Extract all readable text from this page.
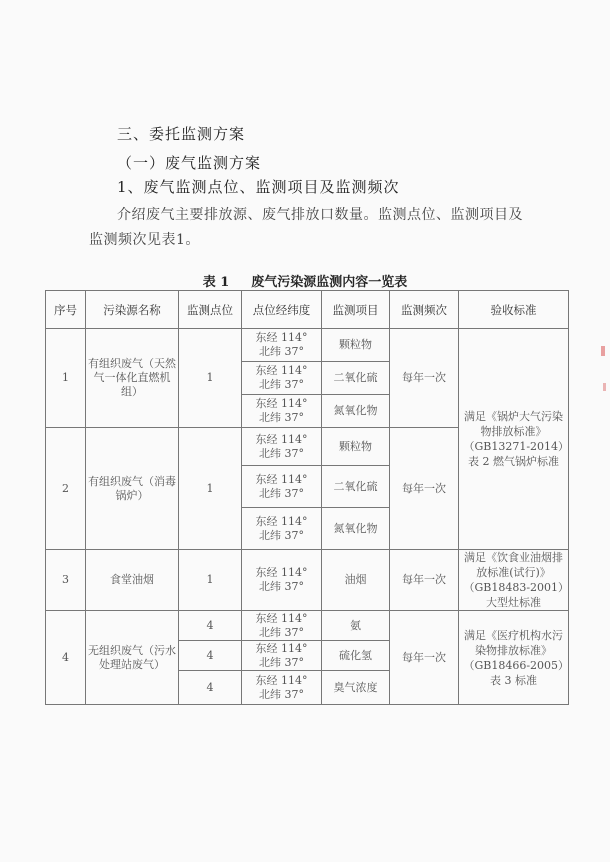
三、委托监测方案
（一）废气监测方案
1、废气监测点位、监测项目及监测频次
介绍废气主要排放源、废气排放口数量。监测点位、监测项目及监测频次见表1。
表 1 废气污染源监测内容一览表
序号	污染源名称	监测点位	点位经纬度	监测项目	监测频次	验收标准
1	有组织废气（天然气一体化直燃机组）	1	东经 114°
北纬 37°	颗粒物	每年一次	满足《锅炉大气污染物排放标准》（GB13271-2014）表 2 燃气锅炉标准
			东经 114°
北纬 37°	二氧化硫		
			东经 114°
北纬 37°	氮氧化物		
2	有组织废气（消毒锅炉）	1	东经 114°
北纬 37°	颗粒物	每年一次	
			东经 114°
北纬 37°	二氧化硫		
			东经 114°
北纬 37°	氮氧化物		
3	食堂油烟	1	东经 114°
北纬 37°	油烟	每年一次	满足《饮食业油烟排放标准(试行)》（GB18483-2001）大型灶标准
4	无组织废气（污水处理站废气）	4	东经 114°
北纬 37°	氨	每年一次	满足《医疗机构水污染物排放标准》（GB18466-2005）表 3 标准
		4	东经 114°
北纬 37°	硫化氢		
		4	东经 114°
北纬 37°	臭气浓度		
